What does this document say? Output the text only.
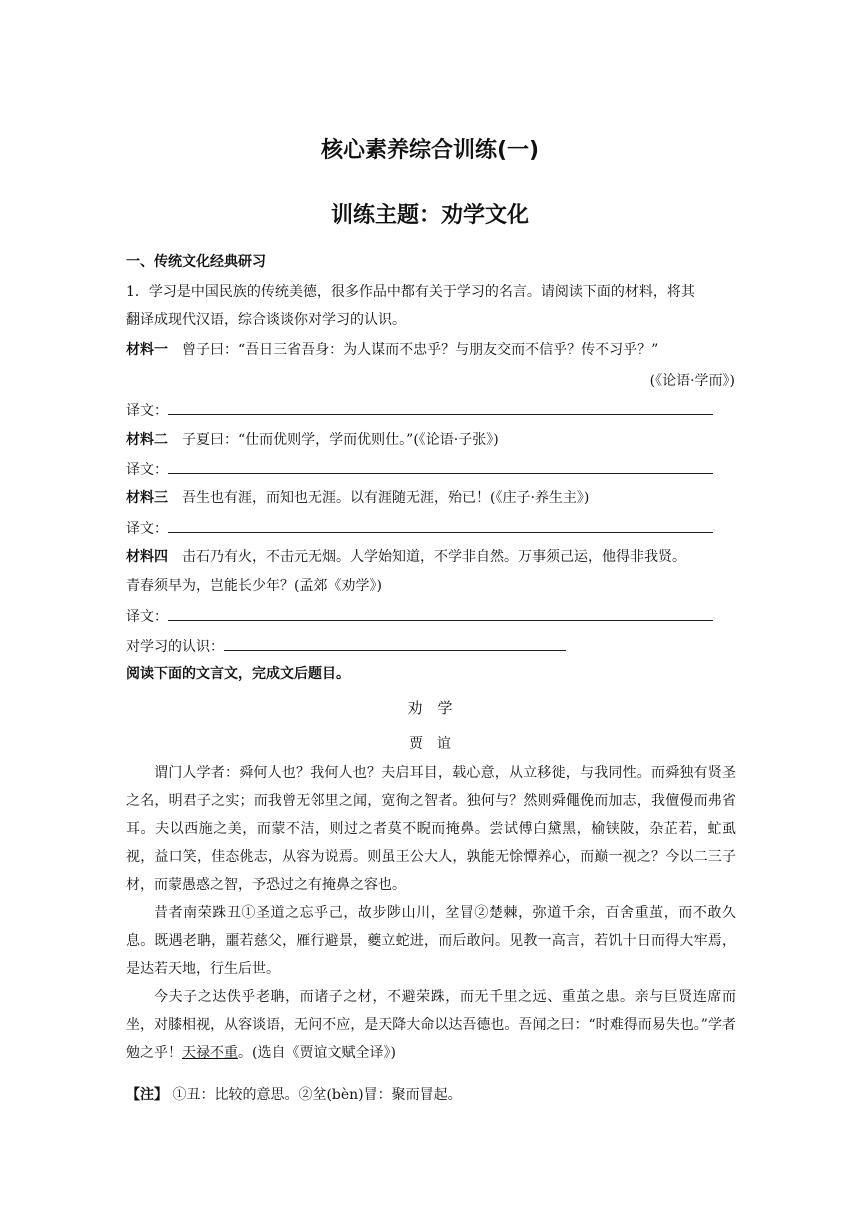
核心素养综合训练(一)
训练主题：劝学文化
一、传统文化经典研习
1．学习是中国民族的传统美德，很多作品中都有关于学习的名言。请阅读下面的材料，将其
翻译成现代汉语，综合谈谈你对学习的认识。
材料一　 曾子曰：“吾日三省吾身：为人谋而不忠乎？与朋友交而不信乎？传不习乎？”
(《论语·学而》)
译文：
材料二　 子夏曰：“仕而优则学，学而优则仕。”(《论语·子张》)
译文：
材料三　 吾生也有涯，而知也无涯。以有涯随无涯，殆已！(《庄子·养生主》)
译文：
材料四　 击石乃有火，不击元无烟。人学始知道，不学非自然。万事须己运，他得非我贤。
青春须早为，岂能长少年？(孟郊《劝学》)
译文：
对学习的认识：
阅读下面的文言文，完成文后题目。
劝　学
贾　谊

谓门人学者：舜何人也？我何人也？夫启耳目，载心意，从立移徙，与我同性。而舜独有贤圣之名，明君子之实；而我曾无邻里之闻，宽徇之智者。独何与？然则舜僶俛而加志，我儃僈而弗省耳。夫以西施之美，而蒙不洁，则过之者莫不睨而掩鼻。尝试傅白黛黑，榆铗陂，杂芷若，虻虱视，益口笑，佳态佻志，从容为说焉。则虽王公大人，孰能无悇憛养心，而巅一视之？今以二三子材，而蒙愚惑之智，予恐过之有掩鼻之容也。

昔者南荣跦丑①圣道之忘乎己，故步陟山川，坌冒②楚棘，弥道千余，百舍重茧，而不敢久息。既遇老聃，噩若慈父，雁行避景，夔立蛇进，而后敢问。见教一高言，若饥十日而得大牢焉，是达若天地，行生后世。

今夫子之达佚乎老聃，而诸子之材，不避荣跦，而无千里之远、重茧之患。亲与巨贤连席而坐，对膝相视，从容谈语，无问不应，是天降大命以达吾德也。吾闻之曰：“时难得而易失也。”学者勉之乎！天禄不重。(选自《贾谊文赋全译》)

【注】 ①丑：比较的意思。②坌(bèn)冒：聚而冒起。
